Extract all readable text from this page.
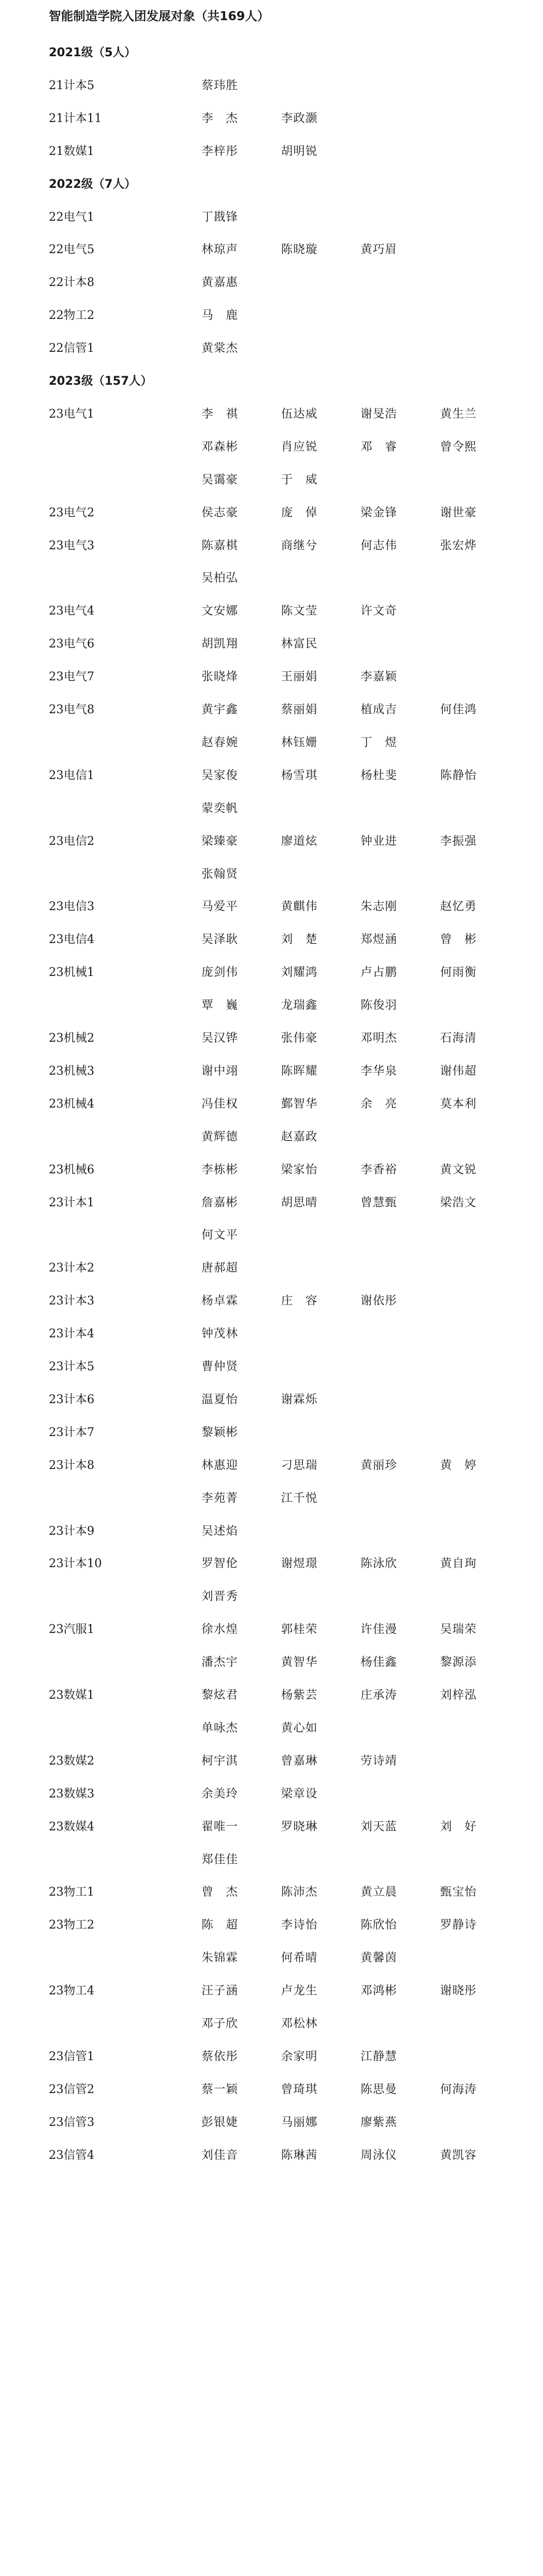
智能制造学院入团发展对象（共169人）
2021级（5人）
21计本5	蔡玮胜
21计本11	李　杰	李政灏
21数媒1	李梓彤	胡明锐
2022级（7人）
22电气1	丁戡锋
22电气5	林琼声	陈晓璇	黄巧眉
22计本8	黄嘉惠
22物工2	马　鹿
22信管1	黄棠杰
2023级（157人）
23电气1	李　祺	伍达威	谢旻浩	黄生兰
邓森彬	肖应锐	邓　睿	曾令熙
吴霭豪	于　威
23电气2	侯志豪	庞　倬	梁金锋	谢世豪
23电气3	陈嘉棋	商继兮	何志伟	张宏烨
吴柏弘
23电气4	文安娜	陈文莹	许文奇
23电气6	胡凯翔	林富民
23电气7	张晓烽	王丽娟	李嘉颖
23电气8	黄宇鑫	蔡丽娟	植成吉	何佳鸿
赵春婉	林钰姗	丁　煜
23电信1	吴家俊	杨雪琪	杨杜斐	陈静怡
蒙奕帆
23电信2	梁臻豪	廖道炫	钟业进	李振强
张翰贤
23电信3	马爱平	黄麒伟	朱志刚	赵忆勇
23电信4	吴泽耿	刘　楚	郑煜涵	曾　彬
23机械1	庞剑伟	刘耀鸿	卢占鹏	何雨衡
覃　巍	龙瑞鑫	陈俊羽
23机械2	吴汉铧	张伟豪	邓明杰	石海清
23机械3	谢中翊	陈晖耀	李华泉	谢伟超
23机械4	冯佳权	鄞智华	余　亮	莫本利
黄辉德	赵嘉政
23机械6	李栋彬	梁家怡	李香裕	黄文锐
23计本1	詹嘉彬	胡思晴	曾慧甄	梁浩文
何文平
23计本2	唐郝超
23计本3	杨卓霖	庄　容	谢依彤
23计本4	钟茂林
23计本5	曹仲贤
23计本6	温夏怡	谢霖烁
23计本7	黎颖彬
23计本8	林惠迎	刁思瑞	黄丽珍	黄　婷
李苑菁	江千悦
23计本9	吴述焰
23计本10	罗智伦	谢煜璟	陈泳欣	黄自珣
刘晋秀
23汽服1	徐水煌	郭桂荣	许佳漫	吴瑞荣
潘杰宇	黄智华	杨佳鑫	黎源添
23数媒1	黎炫君	杨紫芸	庄承涛	刘梓泓
单咏杰	黄心如
23数媒2	柯宇淇	曾嘉琳	劳诗靖
23数媒3	余美玲	梁章设
23数媒4	翟唯一	罗晓琳	刘天蓝	刘　好
郑佳佳
23物工1	曾　杰	陈沛杰	黄立晨	甄宝怡
23物工2	陈　超	李诗怡	陈欣怡	罗静诗
朱锦霖	何希晴	黄馨茵
23物工4	汪子涵	卢龙生	邓鸿彬	谢晓彤
邓子欣	邓松林
23信管1	蔡依彤	余家明	江静慧
23信管2	蔡一颖	曾琦琪	陈思曼	何海涛
23信管3	彭银婕	马丽娜	廖紫燕
23信管4	刘佳音	陈琳茜	周泳仪	黄凯容
